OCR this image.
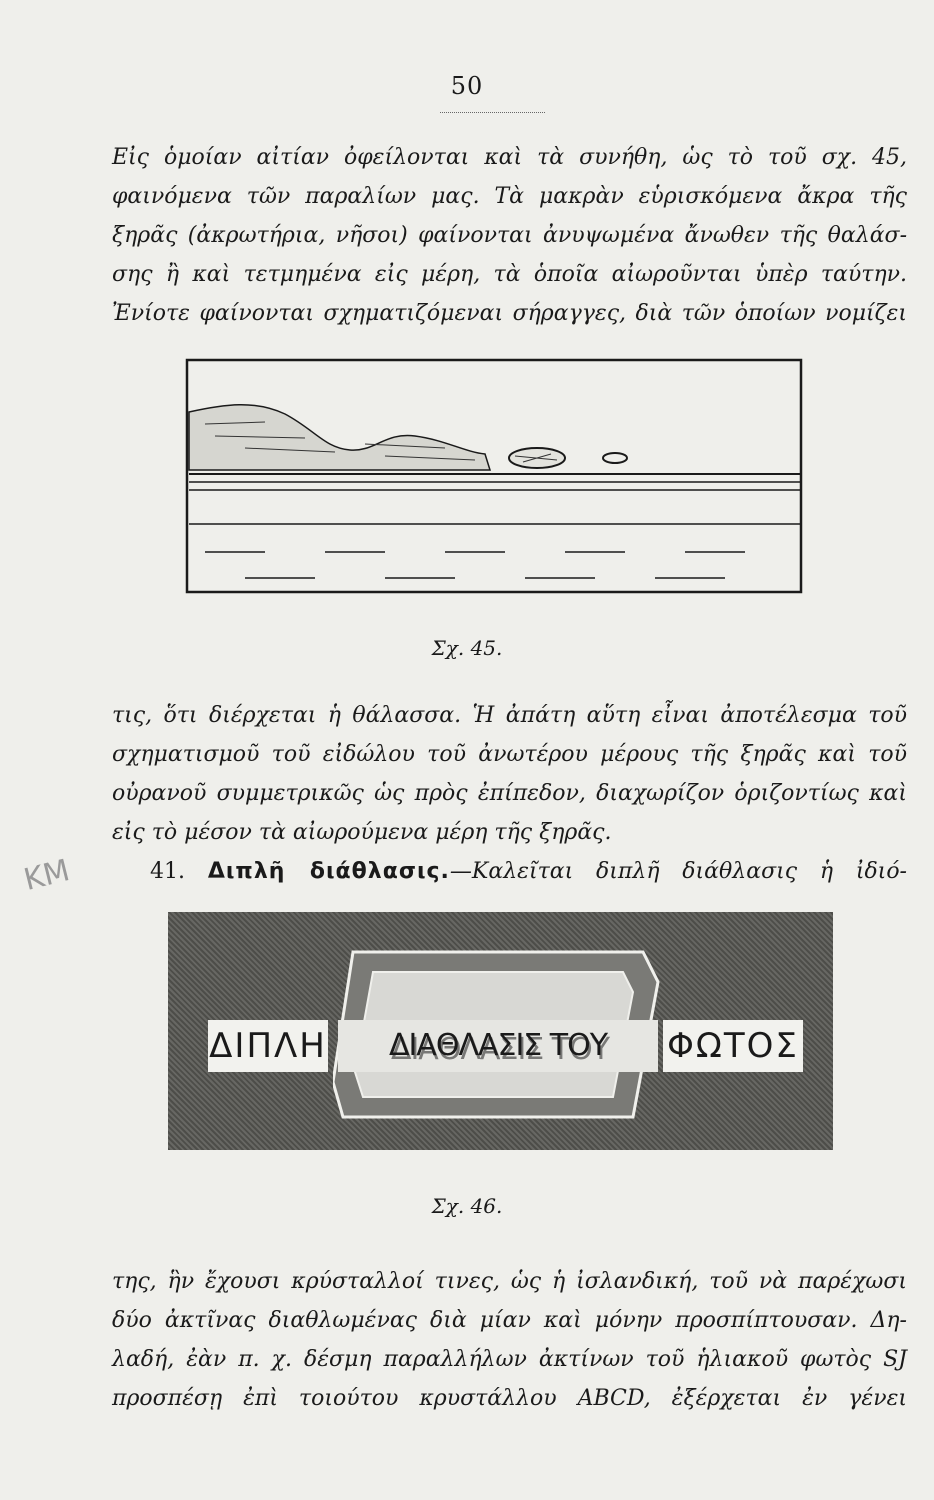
50
Εἰς ὁμοίαν αἰτίαν ὀφείλονται καὶ τὰ συνήθη, ὡς τὸ τοῦ σχ. 45,
φαινόμενα τῶν παραλίων μας. Τὰ μακρὰν εὑρισκόμενα ἄκρα τῆς
ξηρᾶς (ἀκρωτήρια, νῆσοι) φαίνονται ἀνυψωμένα ἄνωθεν τῆς θαλάσ-
σης ἢ καὶ τετμημένα εἰς μέρη, τὰ ὁποῖα αἰωροῦνται ὑπὲρ ταύτην.
Ἐνίοτε φαίνονται σχηματιζόμεναι σήραγγες, διὰ τῶν ὁποίων νομίζει
Σχ. 45.
τις, ὅτι διέρχεται ἡ θάλασσα. Ἡ ἀπάτη αὕτη εἶναι ἀποτέλεσμα τοῦ
σχηματισμοῦ τοῦ εἰδώλου τοῦ ἀνωτέρου μέρους τῆς ξηρᾶς καὶ τοῦ
οὐρανοῦ συμμετρικῶς ὡς πρὸς ἐπίπεδον, διαχωρίζον ὁριζοντίως καὶ
εἰς τὸ μέσον τὰ αἰωρούμενα μέρη τῆς ξηρᾶς.
41. Διπλῆ διάθλασις.—Καλεῖται διπλῆ διάθλασις ἡ ἰδιό-
KM
ΔΙΠΛΗ	ΦΩΤΟΣ
ΔΙΑΘΛΑΣΙΣ ΤΟΥ
Σχ. 46.
της, ἣν ἔχουσι κρύσταλλοί τινες, ὡς ἡ ἰσλανδική, τοῦ νὰ παρέχωσι
δύο ἀκτῖνας διαθλωμένας διὰ μίαν καὶ μόνην προσπίπτουσαν. Δη-
λαδή, ἐὰν π. χ. δέσμη παραλλήλων ἀκτίνων τοῦ ἡλιακοῦ φωτὸς SJ
προσπέσῃ ἐπὶ τοιούτου κρυστάλλου ABCD, ἐξέρχεται ἐν γένει
